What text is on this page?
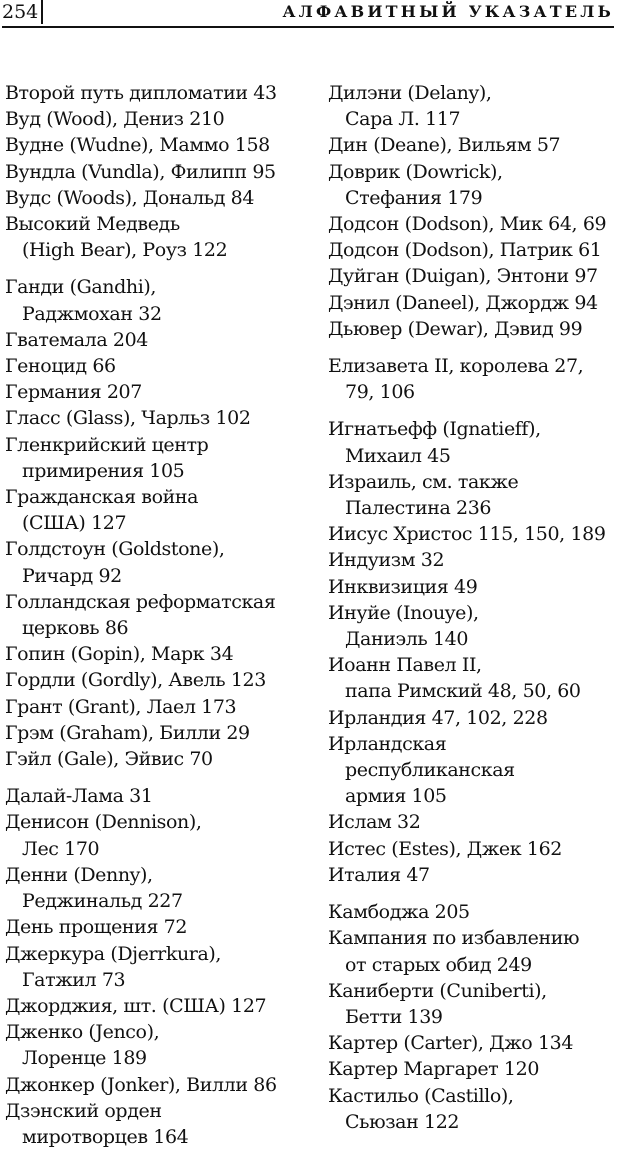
254	АЛФАВИТНЫЙ УКАЗАТЕЛЬ
Второй путь дипломатии 43
Вуд (Wood), Дениз 210
Вудне (Wudne), Маммо 158
Вундла (Vundla), Филипп 95
Вудс (Woods), Дональд 84
Высокий Медведь
(High Bear), Роуз 122
Ганди (Gandhi),
Раджмохан 32
Гватемала 204
Геноцид 66
Германия 207
Гласс (Glass), Чарльз 102
Гленкрийский центр
примирения 105
Гражданская война
(США) 127
Голдстоун (Goldstone),
Ричард 92
Голландская реформатская
церковь 86
Гопин (Gopin), Марк 34
Гордли (Gordly), Авель 123
Грант (Grant), Лаел 173
Грэм (Graham), Билли 29
Гэйл (Gale), Эйвис 70
Далай-Лама 31
Денисон (Dennison),
Лес 170
Денни (Denny),
Реджинальд 227
День прощения 72
Джеркура (Djerrkura),
Гатжил 73
Джорджия, шт. (США) 127
Дженко (Jenco),
Лоренце 189
Джонкер (Jonker), Вилли 86
Дзэнский орден
миротворцев 164
Дилэни (Delany),
Сара Л. 117
Дин (Deane), Вильям 57
Доврик (Dowrick),
Стефания 179
Додсон (Dodson), Мик 64, 69
Додсон (Dodson), Патрик 61
Дуйган (Duigan), Энтони 97
Дэнил (Daneel), Джордж 94
Дьювер (Dewar), Дэвид 99
Елизавета II, королева 27,
79, 106
Игнатьефф (Ignatieff),
Михаил 45
Израиль, см. также
Палестина 236
Иисус Христос 115, 150, 189
Индуизм 32
Инквизиция 49
Инуйе (Inouye),
Даниэль 140
Иоанн Павел II,
папа Римский 48, 50, 60
Ирландия 47, 102, 228
Ирландская
республиканская
армия 105
Ислам 32
Истес (Estes), Джек 162
Италия 47
Камбоджа 205
Кампания по избавлению
от старых обид 249
Каниберти (Cuniberti),
Бетти 139
Картер (Carter), Джо 134
Картер Маргарет 120
Кастильо (Castillo),
Сьюзан 122
